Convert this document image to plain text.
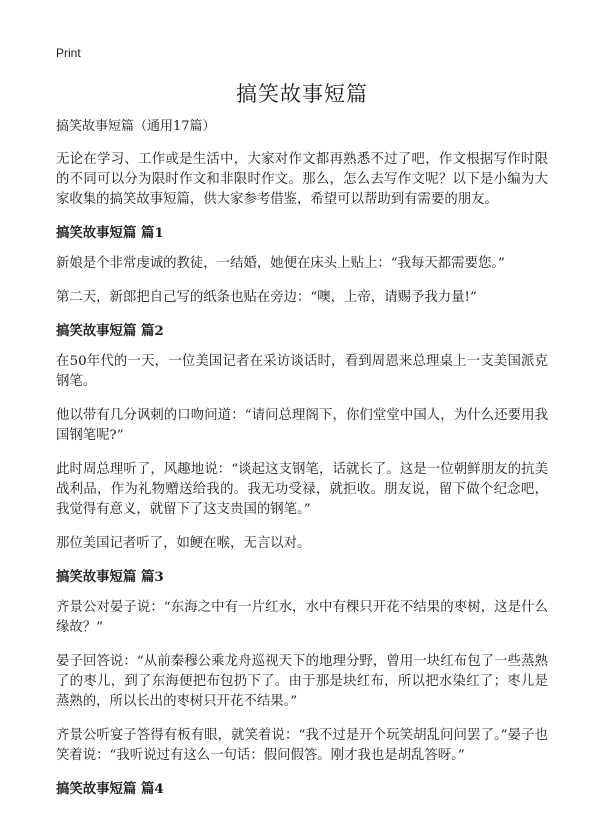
Print
搞笑故事短篇
搞笑故事短篇（通用17篇）

无论在学习、工作或是生活中，大家对作文都再熟悉不过了吧，作文根据写作时限的不同可以分为限时作文和非限时作文。那么，怎么去写作文呢？以下是小编为大家收集的搞笑故事短篇，供大家参考借鉴，希望可以帮助到有需要的朋友。

搞笑故事短篇 篇1

新娘是个非常虔诚的教徒，一结婚，她便在床头上贴上：“我每天都需要您。”

第二天，新郎把自己写的纸条也贴在旁边：“噢，上帝，请赐予我力量!”

搞笑故事短篇 篇2

在50年代的一天，一位美国记者在采访谈话时，看到周恩来总理桌上一支美国派克钢笔。

他以带有几分讽刺的口吻问道：“请问总理阁下，你们堂堂中国人，为什么还要用我国钢笔呢?”

此时周总理听了，风趣地说：“谈起这支钢笔，话就长了。这是一位朝鲜朋友的抗美战利品，作为礼物赠送给我的。我无功受禄，就拒收。朋友说，留下做个纪念吧，我觉得有意义，就留下了这支贵国的钢笔。”

那位美国记者听了，如鲠在喉，无言以对。

搞笑故事短篇 篇3

齐景公对晏子说：“东海之中有一片红水，水中有棵只开花不结果的枣树，这是什么缘故？”

晏子回答说：“从前秦穆公乘龙舟巡视天下的地理分野，曾用一块红布包了一些蒸熟了的枣儿，到了东海便把布包扔下了。由于那是块红布，所以把水染红了；枣儿是蒸熟的，所以长出的枣树只开花不结果。”

齐景公听宴子答得有板有眼，就笑着说：“我不过是开个玩笑胡乱问问罢了。”晏子也笑着说：“我听说过有这么一句话：假问假答。刚才我也是胡乱答呀。”

搞笑故事短篇 篇4
